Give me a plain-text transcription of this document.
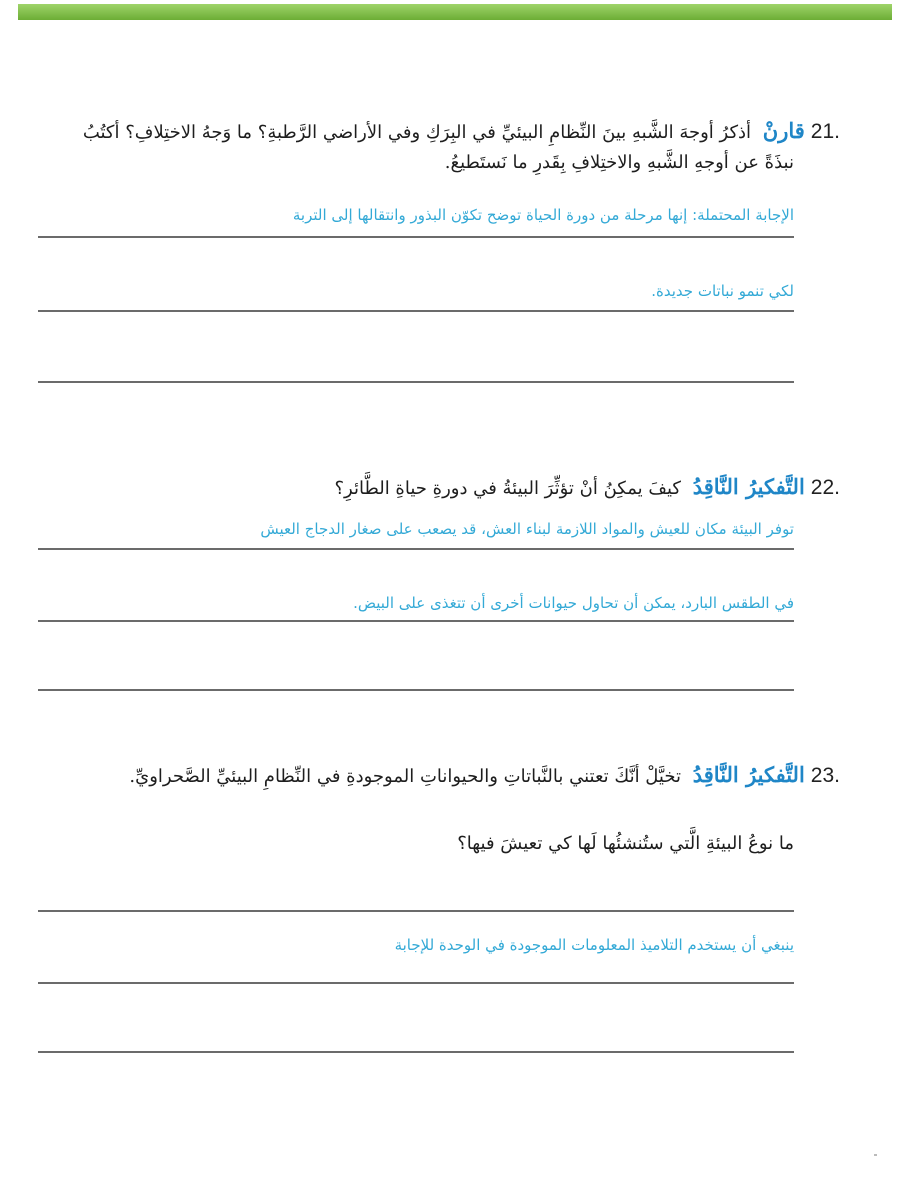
21.قارنْ أذكرُ أوجهَ الشَّبهِ بينَ النِّظامِ البيئيِّ في البِرَكِ وفي الأراضي الرَّطبةِ؟ ما وَجهُ الاختِلافِ؟ أكتُبُ
نبذَةً عن أوجهِ الشَّبهِ والاختِلافِ بِقَدرِ ما نَستَطيعُ.
الإجابة المحتملة: إنها مرحلة من دورة الحياة توضح تكوّن البذور وانتقالها إلى التربة
لكي تنمو نباتات جديدة.
22.التَّفكيرُ النَّاقِدُ كيفَ يمكِنُ أنْ تؤثِّرَ البيئةُ في دورةِ حياةِ الطَّائرِ؟
توفر البيئة مكان للعيش والمواد اللازمة لبناء العش، قد يصعب على صغار الدجاج العيش
في الطقس البارد، يمكن أن تحاول حيوانات أخرى أن تتغذى على البيض.
23.التَّفكيرُ النَّاقِدُ تخيَّلْ أنَّكَ تعتني بالنَّباتاتِ والحيواناتِ الموجودةِ في النِّظامِ البيئيِّ الصَّحراويِّ.
ما نوعُ البيئةِ الَّتي ستُنشئُها لَها كي تعيشَ فيها؟
ينبغي أن يستخدم التلاميذ المعلومات الموجودة في الوحدة للإجابة
